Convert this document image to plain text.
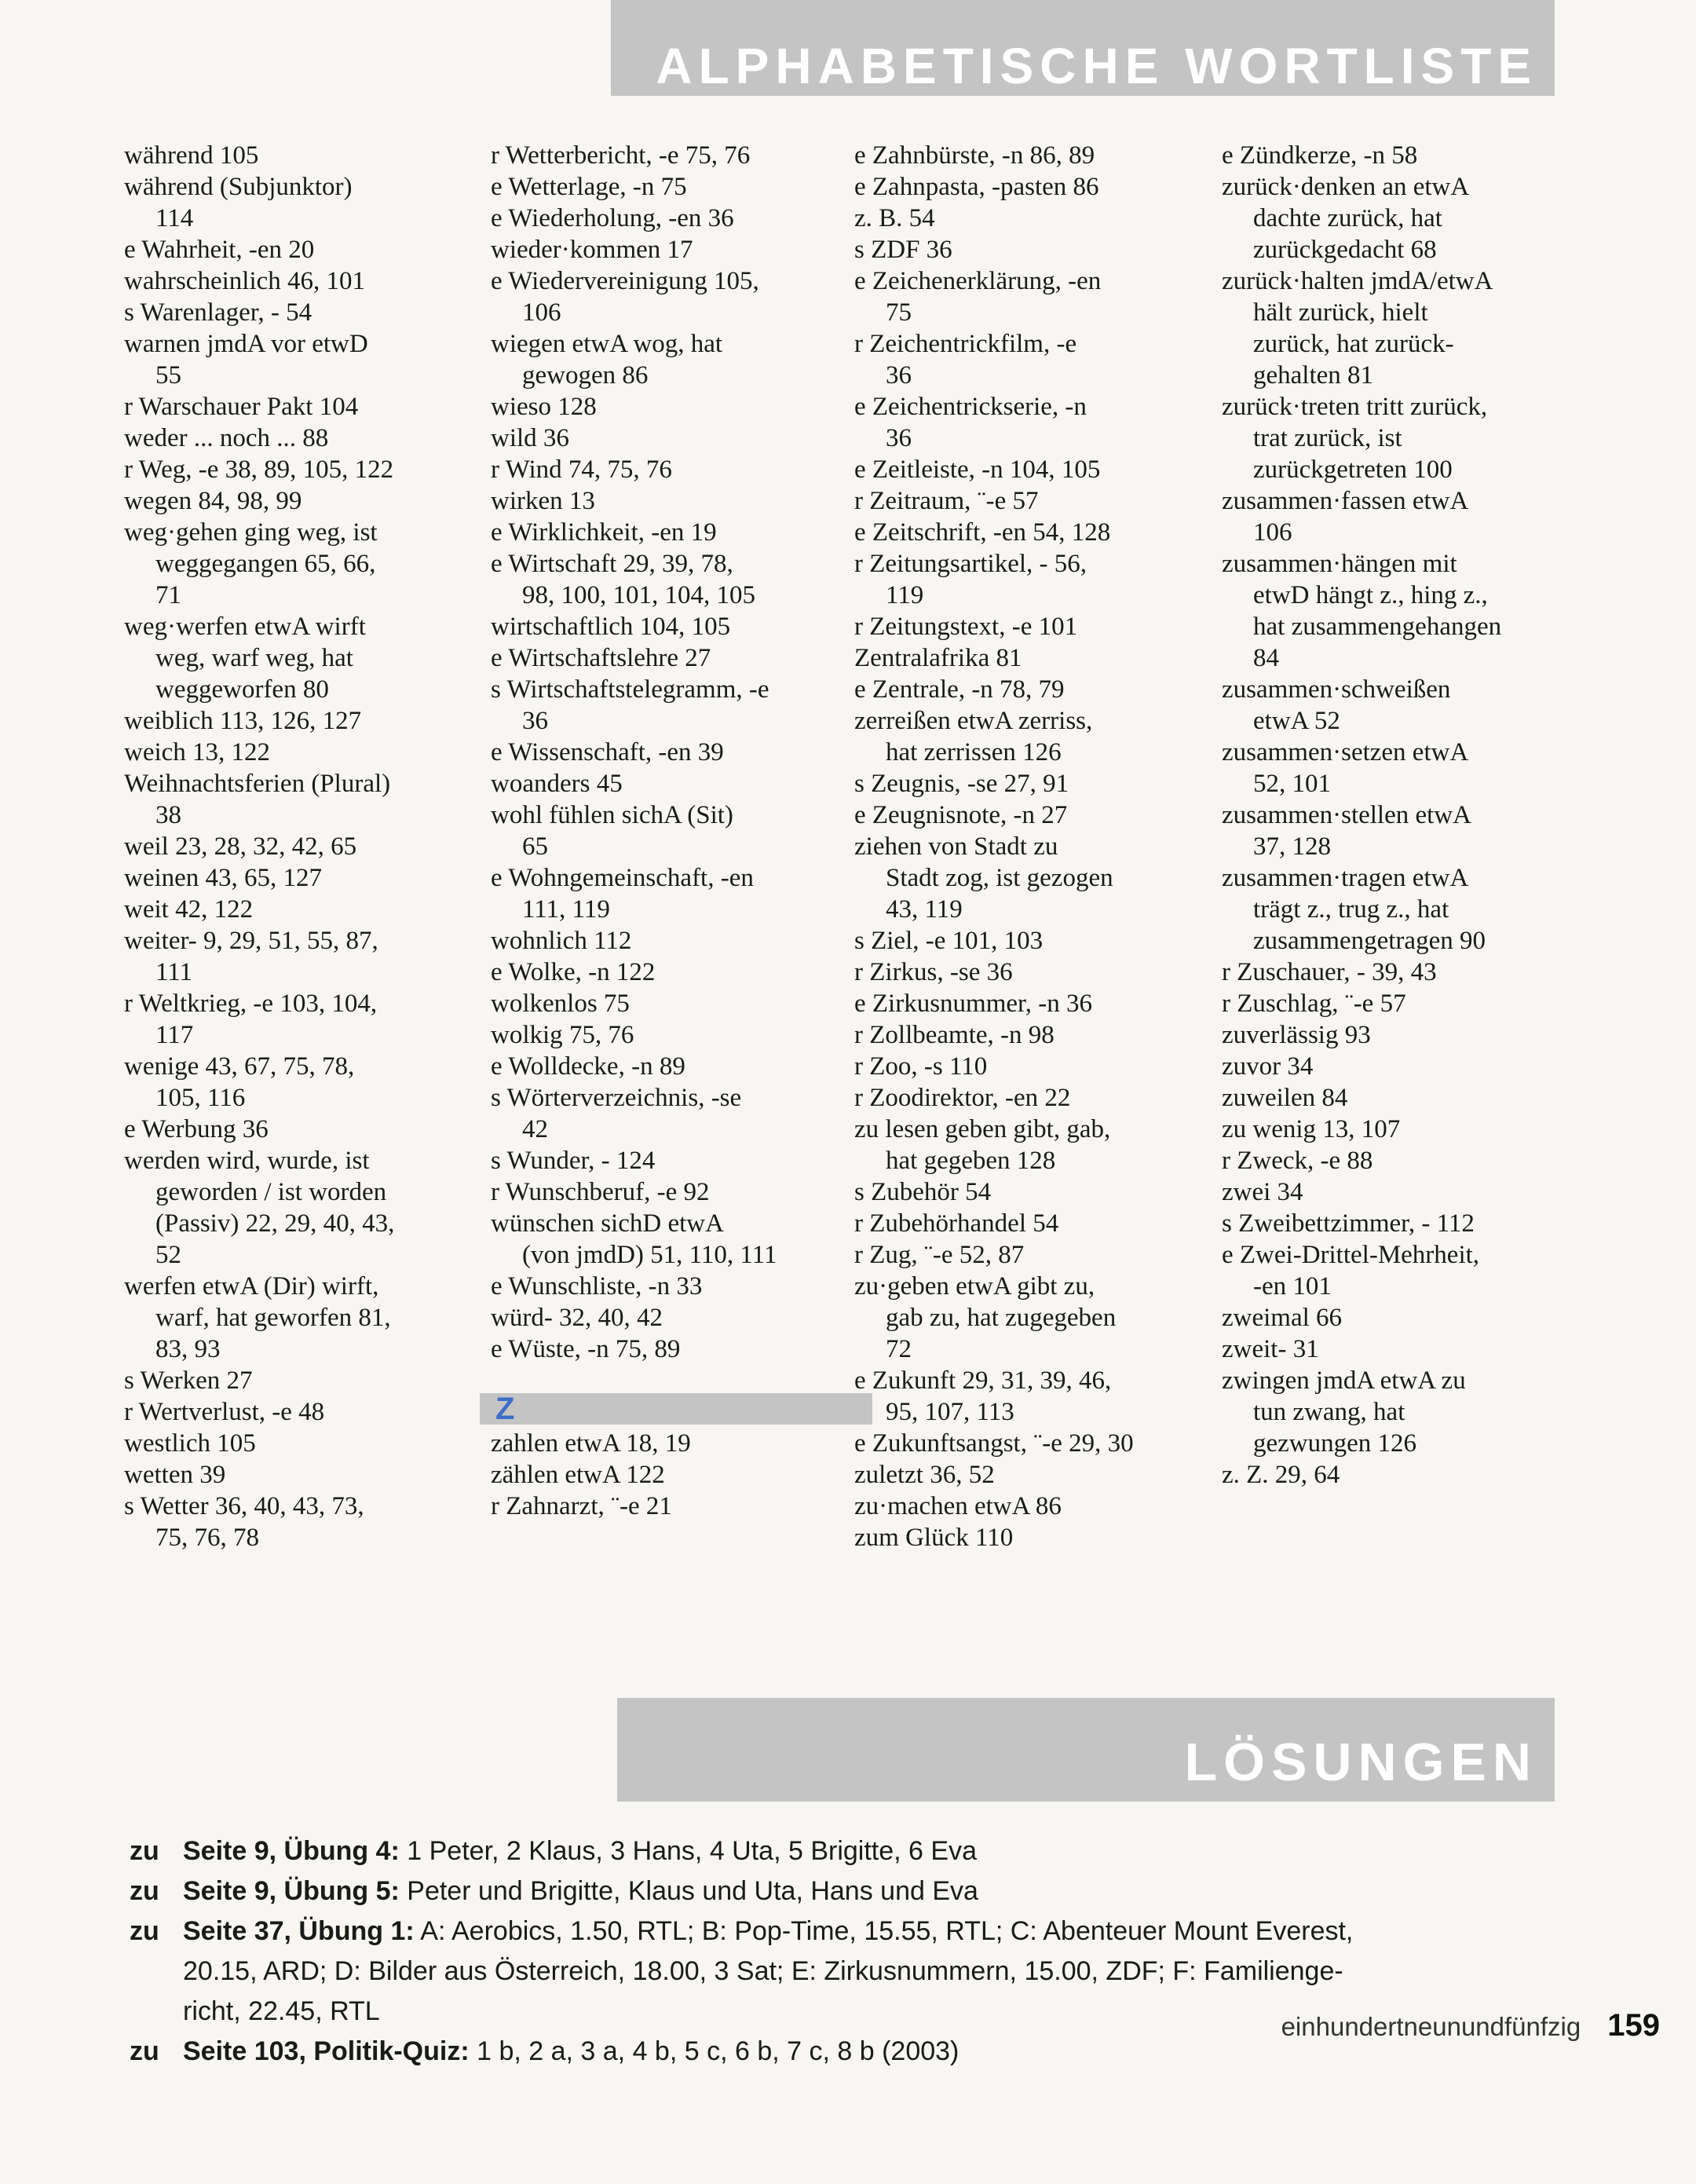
ALPHABETISCHE WORTLISTE
während 105
während (Subjunktor)
114
e Wahrheit, -en 20
wahrscheinlich 46, 101
s Warenlager, - 54
warnen jmdA vor etwD
55
r Warschauer Pakt 104
weder ... noch ... 88
r Weg, -e 38, 89, 105, 122
wegen 84, 98, 99
weg·gehen ging weg, ist
weggegangen 65, 66,
71
weg·werfen etwA wirft
weg, warf weg, hat
weggeworfen 80
weiblich 113, 126, 127
weich 13, 122
Weihnachtsferien (Plural)
38
weil 23, 28, 32, 42, 65
weinen 43, 65, 127
weit 42, 122
weiter- 9, 29, 51, 55, 87,
111
r Weltkrieg, -e 103, 104,
117
wenige 43, 67, 75, 78,
105, 116
e Werbung 36
werden wird, wurde, ist
geworden / ist worden
(Passiv) 22, 29, 40, 43,
52
werfen etwA (Dir) wirft,
warf, hat geworfen 81,
83, 93
s Werken 27
r Wertverlust, -e 48
westlich 105
wetten 39
s Wetter 36, 40, 43, 73,
75, 76, 78
r Wetterbericht, -e 75, 76
e Wetterlage, -n 75
e Wiederholung, -en 36
wieder·kommen 17
e Wiedervereinigung 105,
106
wiegen etwA wog, hat
gewogen 86
wieso 128
wild 36
r Wind 74, 75, 76
wirken 13
e Wirklichkeit, -en 19
e Wirtschaft 29, 39, 78,
98, 100, 101, 104, 105
wirtschaftlich 104, 105
e Wirtschaftslehre 27
s Wirtschaftstelegramm, -e
36
e Wissenschaft, -en 39
woanders 45
wohl fühlen sichA (Sit)
65
e Wohngemeinschaft, -en
111, 119
wohnlich 112
e Wolke, -n 122
wolkenlos 75
wolkig 75, 76
e Wolldecke, -n 89
s Wörterverzeichnis, -se
42
s Wunder, - 124
r Wunschberuf, -e 92
wünschen sichD etwA
(von jmdD) 51, 110, 111
e Wunschliste, -n 33
würd- 32, 40, 42
e Wüste, -n 75, 89
Z
zahlen etwA 18, 19
zählen etwA 122
r Zahnarzt, ¨-e 21
e Zahnbürste, -n 86, 89
e Zahnpasta, -pasten 86
z. B. 54
s ZDF 36
e Zeichenerklärung, -en
75
r Zeichentrickfilm, -e
36
e Zeichentrickserie, -n
36
e Zeitleiste, -n 104, 105
r Zeitraum, ¨-e 57
e Zeitschrift, -en 54, 128
r Zeitungsartikel, - 56,
119
r Zeitungstext, -e 101
Zentralafrika 81
e Zentrale, -n 78, 79
zerreißen etwA zerriss,
hat zerrissen 126
s Zeugnis, -se 27, 91
e Zeugnisnote, -n 27
ziehen von Stadt zu
Stadt zog, ist gezogen
43, 119
s Ziel, -e 101, 103
r Zirkus, -se 36
e Zirkusnummer, -n 36
r Zollbeamte, -n 98
r Zoo, -s 110
r Zoodirektor, -en 22
zu lesen geben gibt, gab,
hat gegeben 128
s Zubehör 54
r Zubehörhandel 54
r Zug, ¨-e 52, 87
zu·geben etwA gibt zu,
gab zu, hat zugegeben
72
e Zukunft 29, 31, 39, 46,
95, 107, 113
e Zukunftsangst, ¨-e 29, 30
zuletzt 36, 52
zu·machen etwA 86
zum Glück 110
e Zündkerze, -n 58
zurück·denken an etwA
dachte zurück, hat
zurückgedacht 68
zurück·halten jmdA/etwA
hält zurück, hielt
zurück, hat zurück-
gehalten 81
zurück·treten tritt zurück,
trat zurück, ist
zurückgetreten 100
zusammen·fassen etwA
106
zusammen·hängen mit
etwD hängt z., hing z.,
hat zusammengehangen
84
zusammen·schweißen
etwA 52
zusammen·setzen etwA
52, 101
zusammen·stellen etwA
37, 128
zusammen·tragen etwA
trägt z., trug z., hat
zusammengetragen 90
r Zuschauer, - 39, 43
r Zuschlag, ¨-e 57
zuverlässig 93
zuvor 34
zuweilen 84
zu wenig 13, 107
r Zweck, -e 88
zwei 34
s Zweibettzimmer, - 112
e Zwei-Drittel-Mehrheit,
-en 101
zweimal 66
zweit- 31
zwingen jmdA etwA zu
tun zwang, hat
gezwungen 126
z. Z. 29, 64
LÖSUNGEN
zu Seite 9, Übung 4: 1 Peter, 2 Klaus, 3 Hans, 4 Uta, 5 Brigitte, 6 Eva
zu Seite 9, Übung 5: Peter und Brigitte, Klaus und Uta, Hans und Eva
zu Seite 37, Übung 1: A: Aerobics, 1.50, RTL; B: Pop-Time, 15.55, RTL; C: Abenteuer Mount Everest,
20.15, ARD; D: Bilder aus Österreich, 18.00, 3 Sat; E: Zirkusnummern, 15.00, ZDF; F: Familienge-
richt, 22.45, RTL
zu Seite 103, Politik-Quiz: 1 b, 2 a, 3 a, 4 b, 5 c, 6 b, 7 c, 8 b (2003)
einhundertneunundfünfzig 159
